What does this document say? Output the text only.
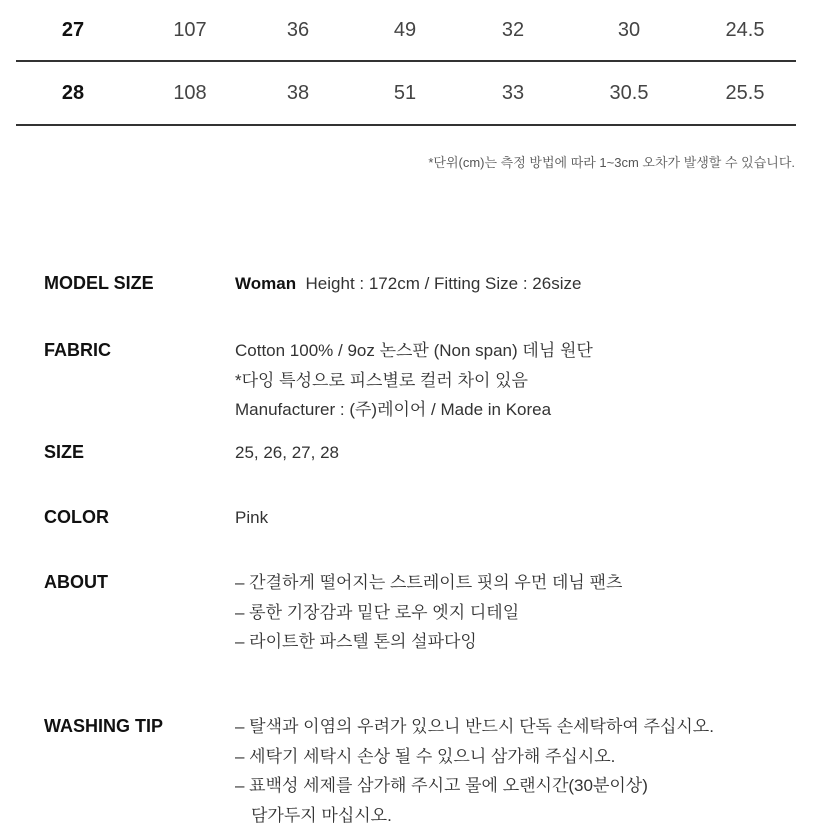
27	107	36	49	32	30	24.5
28	108	38	51	33	30.5	25.5
*단위(cm)는 측정 방법에 따라 1~3cm 오차가 발생할 수 있습니다.
MODEL SIZE	Woman Height : 172cm / Fitting Size : 26size
FABRIC	Cotton 100% / 9oz 논스판 (Non span) 데님 원단
*다잉 특성으로 피스별로 컬러 차이 있음
Manufacturer : (주)레이어 / Made in Korea
SIZE	25, 26, 27, 28
COLOR	Pink
ABOUT	– 간결하게 떨어지는 스트레이트 핏의 우먼 데님 팬츠
– 롱한 기장감과 밑단 로우 엣지 디테일
– 라이트한 파스텔 톤의 설파다잉
WASHING TIP	– 탈색과 이염의 우려가 있으니 반드시 단독 손세탁하여 주십시오.
– 세탁기 세탁시 손상 될 수 있으니 삼가해 주십시오.
– 표백성 세제를 삼가해 주시고 물에 오랜시간(30분이상)
담가두지 마십시오.
